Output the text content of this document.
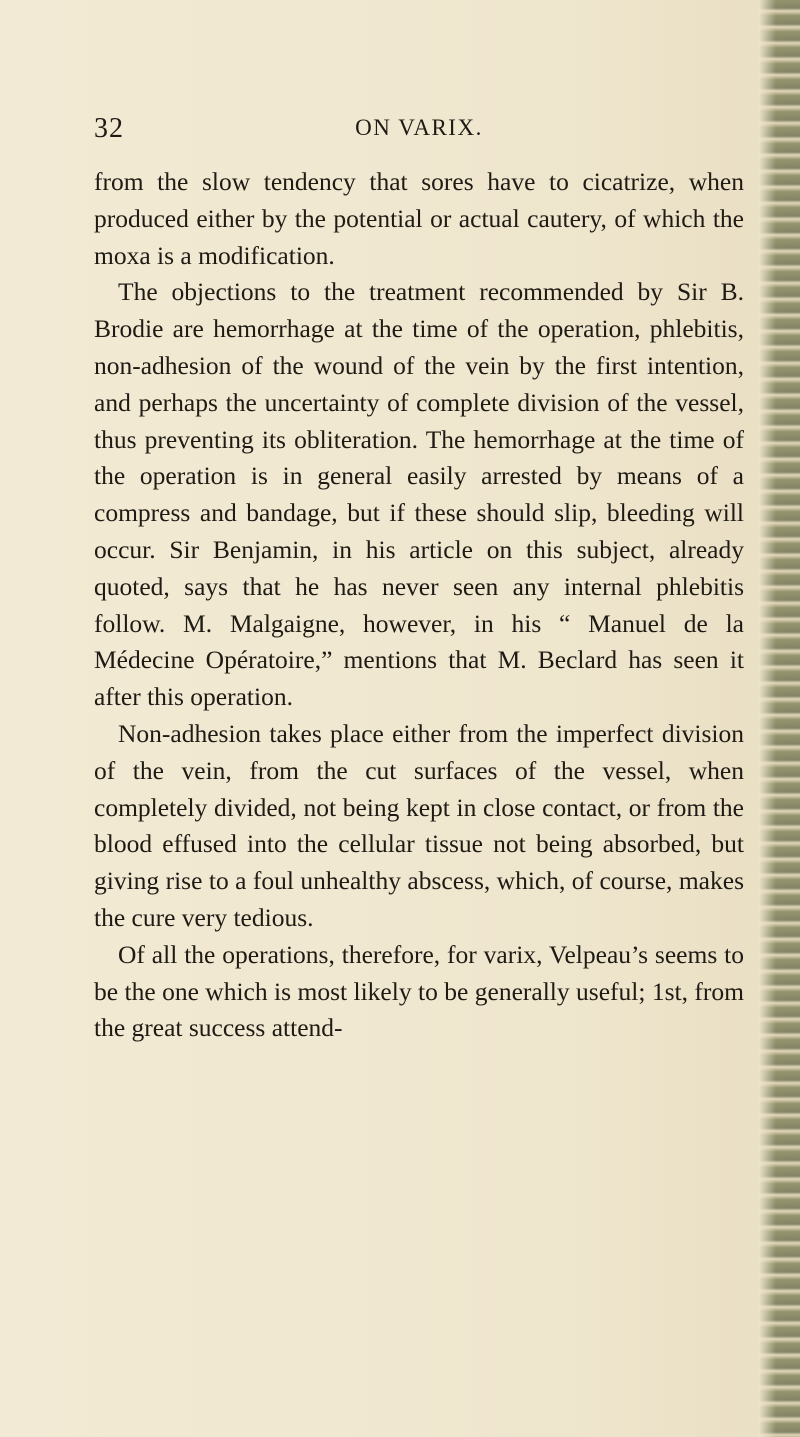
32	ON VARIX.

from the slow tendency that sores have to cicatrize, when produced either by the potential or actual cautery, of which the moxa is a modification.

The objections to the treatment recommended by Sir B. Brodie are hemorrhage at the time of the operation, phlebitis, non-adhesion of the wound of the vein by the first intention, and perhaps the uncertainty of complete division of the vessel, thus preventing its obliteration. The hemorrhage at the time of the operation is in general easily arrested by means of a compress and bandage, but if these should slip, bleeding will occur. Sir Benjamin, in his article on this subject, already quoted, says that he has never seen any internal phlebitis follow. M. Malgaigne, however, in his “ Manuel de la Médecine Opératoire,” mentions that M. Beclard has seen it after this operation.

Non-adhesion takes place either from the imperfect division of the vein, from the cut surfaces of the vessel, when completely divided, not being kept in close contact, or from the blood effused into the cellular tissue not being absorbed, but giving rise to a foul unhealthy abscess, which, of course, makes the cure very tedious.

Of all the operations, therefore, for varix, Velpeau’s seems to be the one which is most likely to be generally useful; 1st, from the great success attend-
